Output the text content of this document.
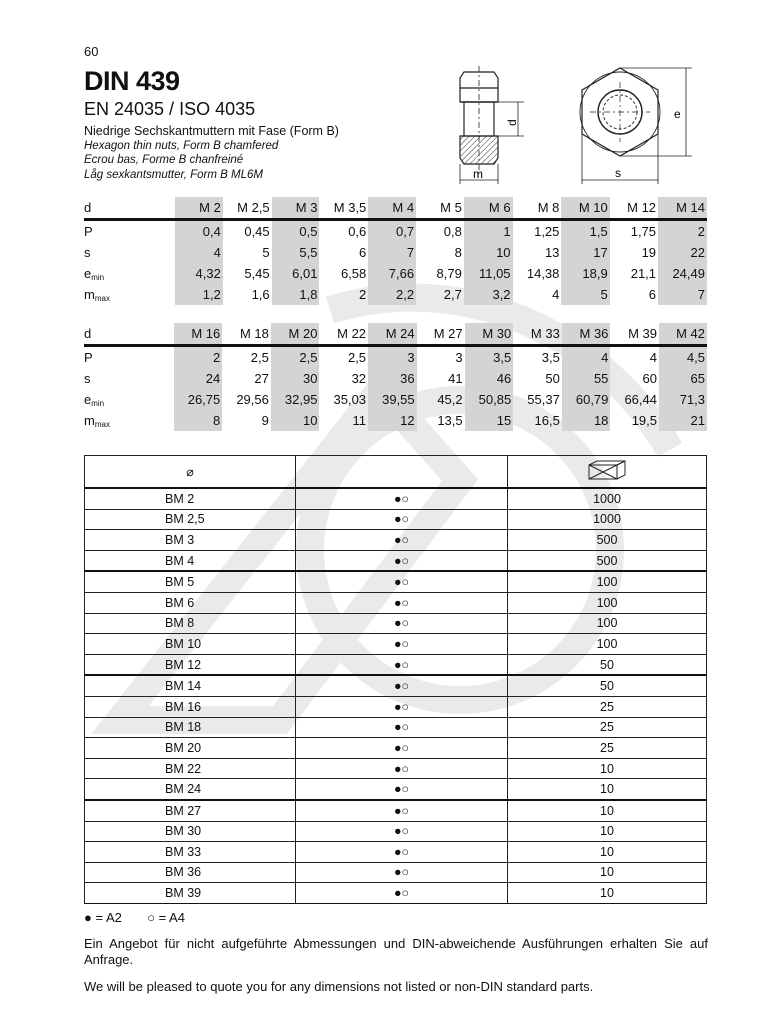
60
DIN 439
EN 24035 / ISO 4035
Niedrige Sechskantmuttern mit Fase (Form B)
Hexagon thin nuts, Form B chamfered
Ecrou bas, Forme B chanfreiné
Låg sexkantsmutter, Form B ML6M	m
d
s
e
d	M 2	M 2,5	M 3	M 3,5	M 4	M 5	M 6	M 8	M 10	M 12	M 14
P	0,4	0,45	0,5	0,6	0,7	0,8	1	1,25	1,5	1,75	2
s	4	5	5,5	6	7	8	10	13	17	19	22
$e_{min}$	4,32	5,45	6,01	6,58	7,66	8,79	11,05	14,38	18,9	21,1	24,49
$m_{max}$	1,2	1,6	1,8	2	2,2	2,7	3,2	4	5	6	7
d	M 16	M 18	M 20	M 22	M 24	M 27	M 30	M 33	M 36	M 39	M 42
P	2	2,5	2,5	2,5	3	3	3,5	3,5	4	4	4,5
s	24	27	30	32	36	41	46	50	55	60	65
$e_{min}$	26,75	29,56	32,95	35,03	39,55	45,2	50,85	55,37	60,79	66,44	71,3
$m_{max}$	8	9	10	11	12	13,5	15	16,5	18	19,5	21
⌀		
BM 2	●○	1000
BM 2,5	●○	1000
BM 3	●○	500
BM 4	●○	500
BM 5	●○	100
BM 6	●○	100
BM 8	●○	100
BM 10	●○	100
BM 12	●○	50
BM 14	●○	50
BM 16	●○	25
BM 18	●○	25
BM 20	●○	25
BM 22	●○	10
BM 24	●○	10
BM 27	●○	10
BM 30	●○	10
BM 33	●○	10
BM 36	●○	10
BM 39	●○	10
● = A2 ○ = A4
Ein Angebot für nicht aufgeführte Abmessungen und DIN-abweichende Ausführungen erhalten Sie auf Anfrage.
We will be pleased to quote you for any dimensions not listed or non-DIN standard parts.
